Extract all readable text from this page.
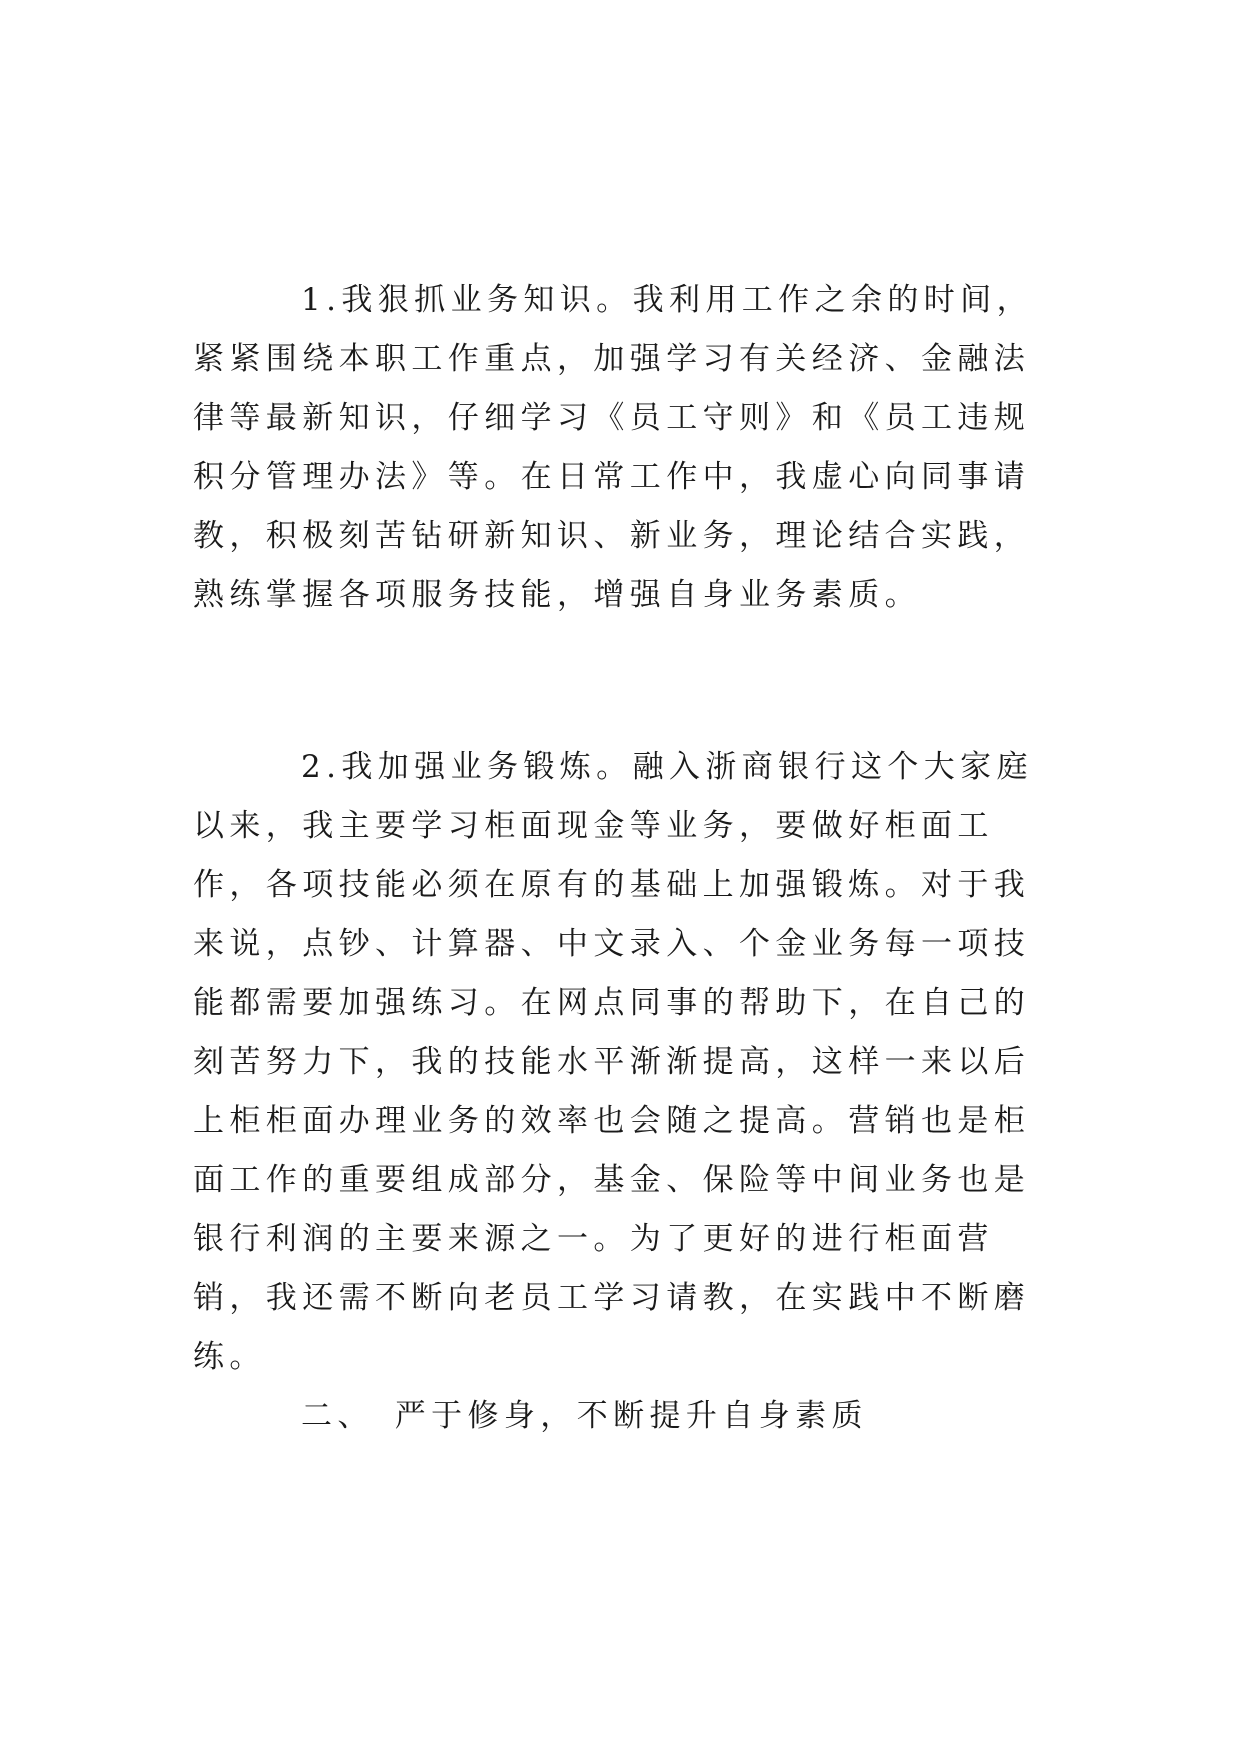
1.我狠抓业务知识。我利用工作之余的时间，紧紧围绕本职工作重点，加强学习有关经济、金融法律等最新知识，仔细学习《员工守则》和《员工违规积分管理办法》等。在日常工作中，我虚心向同事请教，积极刻苦钻研新知识、新业务，理论结合实践，熟练掌握各项服务技能，增强自身业务素质。

2.我加强业务锻炼。融入浙商银行这个大家庭以来，我主要学习柜面现金等业务，要做好柜面工作，各项技能必须在原有的基础上加强锻炼。对于我来说，点钞、计算器、中文录入、个金业务每一项技能都需要加强练习。在网点同事的帮助下，在自己的刻苦努力下，我的技能水平渐渐提高，这样一来以后上柜柜面办理业务的效率也会随之提高。营销也是柜面工作的重要组成部分，基金、保险等中间业务也是银行利润的主要来源之一。为了更好的进行柜面营销，我还需不断向老员工学习请教，在实践中不断磨练。

二、　严于修身，不断提升自身素质
